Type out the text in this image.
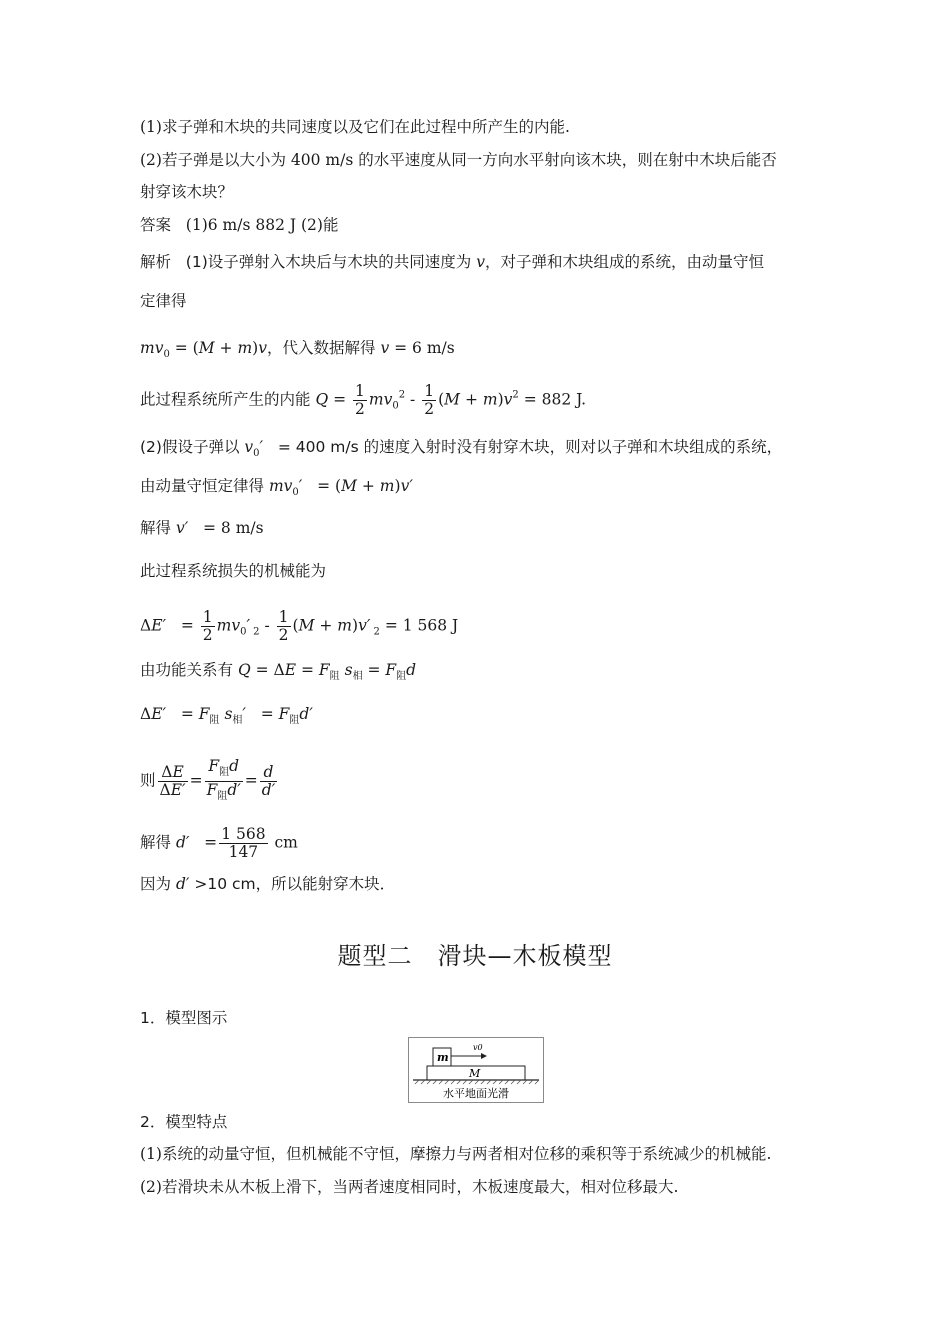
(1)求子弹和木块的共同速度以及它们在此过程中所产生的内能.
(2)若子弹是以大小为 400 m/s 的水平速度从同一方向水平射向该木块，则在射中木块后能否
射穿该木块？
答案 (1)6 m/s 882 J (2)能
解析 (1)设子弹射入木块后与木块的共同速度为 v，对子弹和木块组成的系统，由动量守恒
定律得
$mv_0 = (M + m)v$，代入数据解得 v = 6 m/s
此过程系统所产生的内能 $Q = \frac{1}{2} mv_0^2 - \frac{1}{2} (M + m)v^2 = 882$ J.
(2)假设子弹以 $v_0' = 400$ m/s 的速度入射时没有射穿木块，则对以子弹和木块组成的系统，
由动量守恒定律得 $mv_0' = (M + m)v'$
解得 v′ = 8 m/s
此过程系统损失的机械能为
$\Delta E' = \frac{1}{2} mv_0'$ $_2 - \frac{1}{2} (M + m)v'$ $_2$ = 1 568 J
由功能关系有 $Q = \Delta E = F_阻$ $s_相 = F_阻d$
$\Delta E' = F_阻$ $s_相' = F_阻d'$
则 $\frac{\Delta E}{\Delta E'} = \frac{F_阻d}{F_阻d'} = \frac{d}{d'}$
解得 $d' = \frac{1 568}{147}$ cm
因为 d′ >10 cm，所以能射穿木块．
题型二　滑块—木板模型
1．模型图示
m
v0
M
水平地面光滑
2．模型特点
(1)系统的动量守恒，但机械能不守恒，摩擦力与两者相对位移的乘积等于系统减少的机械能.
(2)若滑块未从木板上滑下，当两者速度相同时，木板速度最大，相对位移最大.
